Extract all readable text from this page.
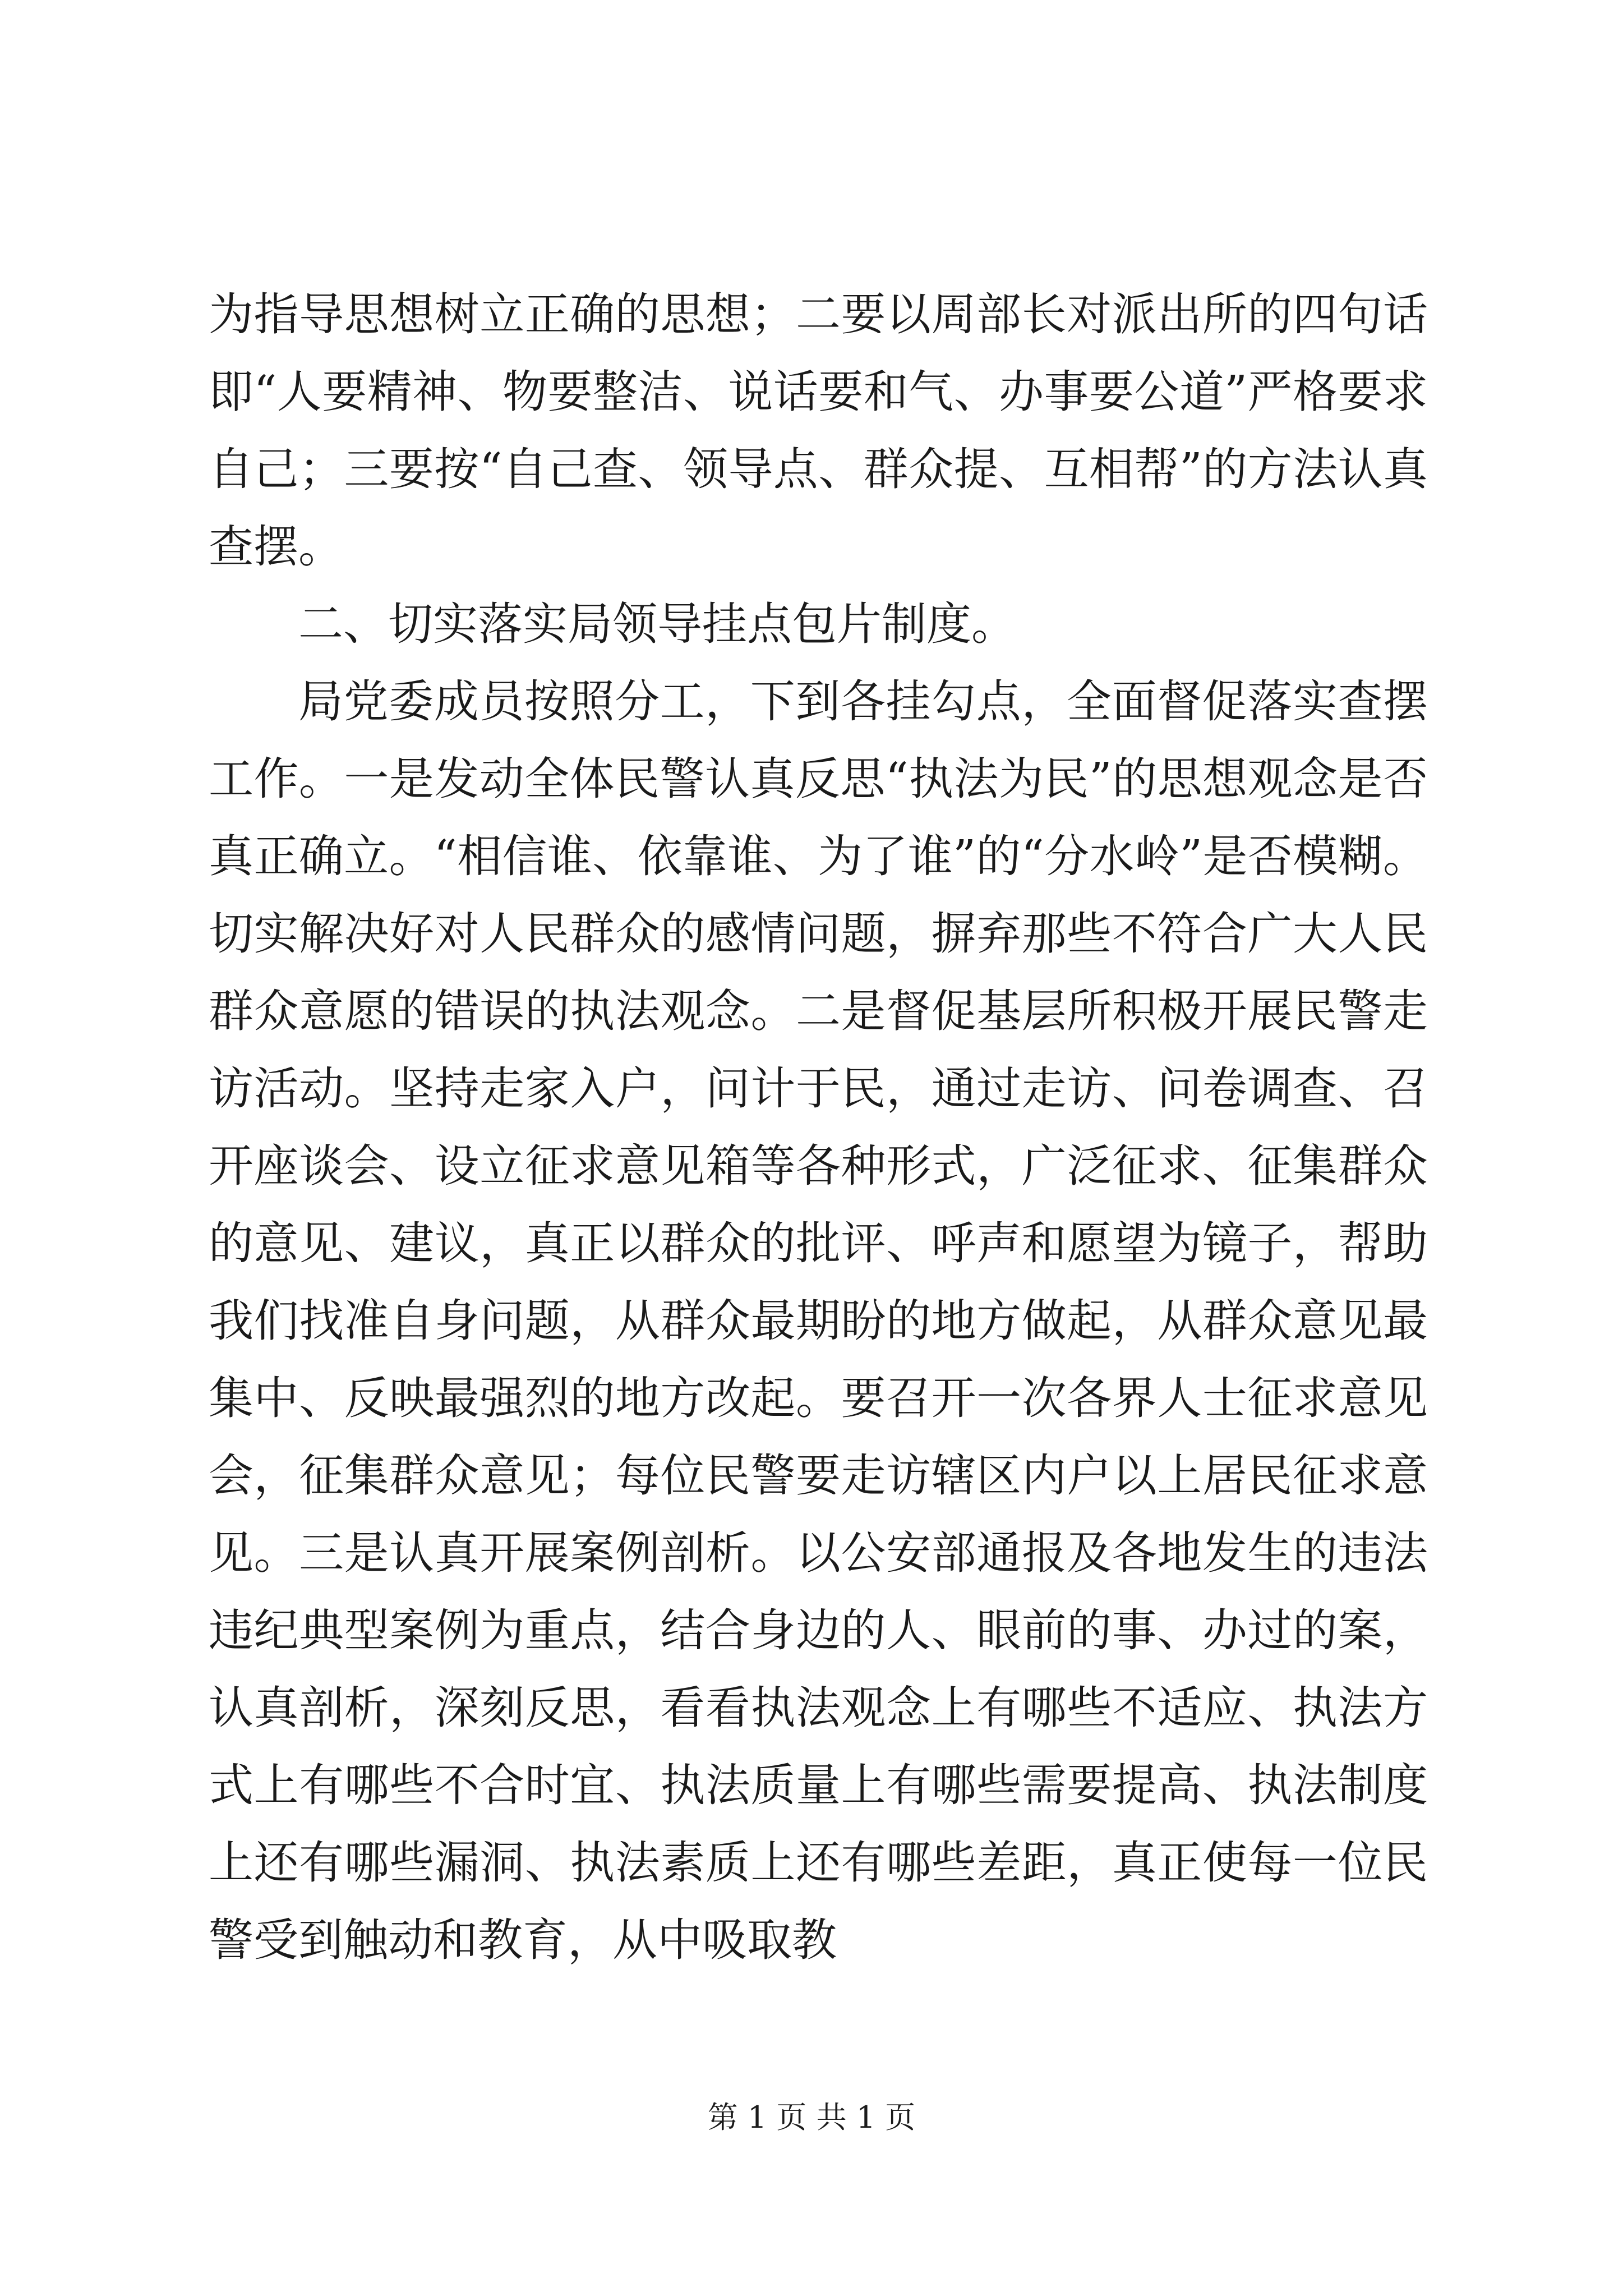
为指导思想树立正确的思想；二要以周部长对派出所的四句话即“人要精神、物要整洁、说话要和气、办事要公道”严格要求自己；三要按“自己查、领导点、群众提、互相帮”的方法认真查摆。

二、切实落实局领导挂点包片制度。

局党委成员按照分工，下到各挂勾点，全面督促落实查摆工作。一是发动全体民警认真反思“执法为民”的思想观念是否真正确立。“相信谁、依靠谁、为了谁”的“分水岭”是否模糊。切实解决好对人民群众的感情问题，摒弃那些不符合广大人民群众意愿的错误的执法观念。二是督促基层所积极开展民警走访活动。坚持走家入户，问计于民，通过走访、问卷调查、召开座谈会、设立征求意见箱等各种形式，广泛征求、征集群众的意见、建议，真正以群众的批评、呼声和愿望为镜子，帮助我们找准自身问题，从群众最期盼的地方做起，从群众意见最集中、反映最强烈的地方改起。要召开一次各界人士征求意见会，征集群众意见；每位民警要走访辖区内户以上居民征求意见。三是认真开展案例剖析。以公安部通报及各地发生的违法违纪典型案例为重点，结合身边的人、眼前的事、办过的案，认真剖析，深刻反思，看看执法观念上有哪些不适应、执法方式上有哪些不合时宜、执法质量上有哪些需要提高、执法制度上还有哪些漏洞、执法素质上还有哪些差距，真正使每一位民警受到触动和教育，从中吸取教

第 1 页 共 1 页
